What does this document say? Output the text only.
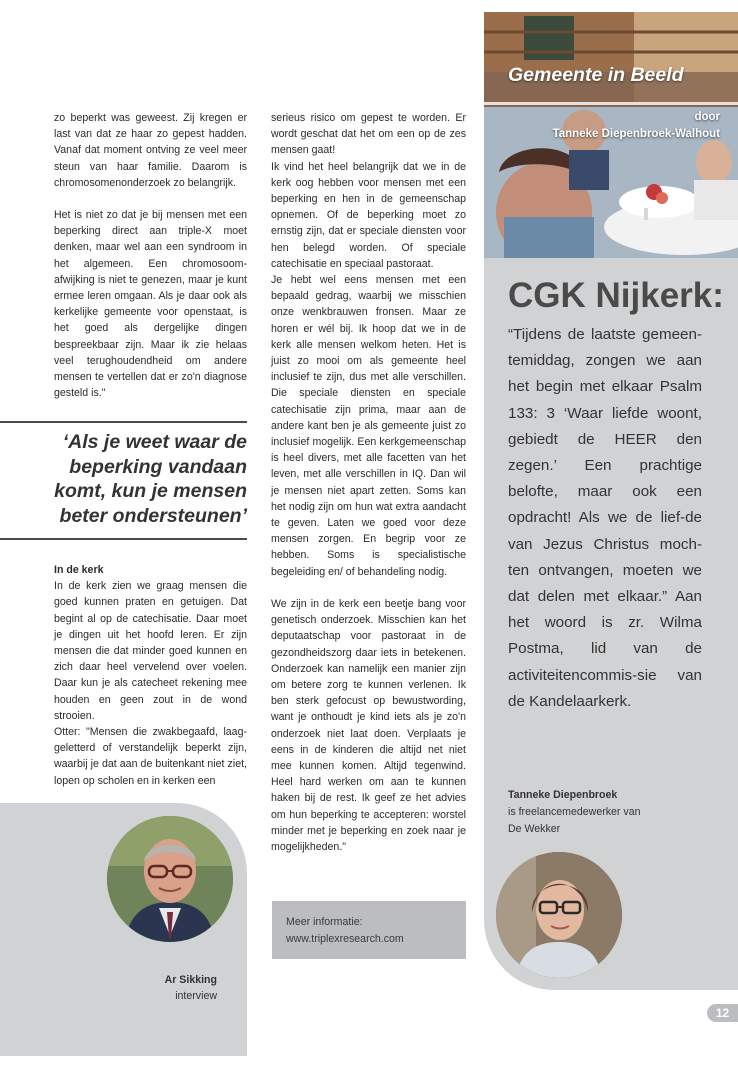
zo beperkt was geweest. Zij kregen er last van dat ze haar zo gepest hadden. Vanaf dat moment ontving ze veel meer steun van haar familie. Daarom is chromosomenonderzoek zo belangrijk.

Het is niet zo dat je bij mensen met een beperking direct aan triple-X moet denken, maar wel aan een syndroom in het algemeen. Een chromosoom-afwijking is niet te genezen, maar je kunt ermee leren omgaan. Als je daar ook als kerkelijke gemeente voor openstaat, is het goed als dergelijke dingen bespreekbaar zijn. Maar ik zie helaas veel terughoudendheid om andere mensen te vertellen dat er zo'n diagnose gesteld is."

‘Als je weet waar de
beperking vandaan
komt, kun je mensen
beter ondersteunen’

In de kerk

In de kerk zien we graag mensen die goed kunnen praten en getuigen. Dat begint al op de catechisatie. Daar moet je dingen uit het hoofd leren. Er zijn mensen die dat minder goed kunnen en zich daar heel vervelend over voelen. Daar kun je als catecheet rekening mee houden en geen zout in de wond strooien.

Otter: "Mensen die zwakbegaafd, laag-geletterd of verstandelijk beperkt zijn, waarbij je dat aan de buitenkant niet ziet, lopen op scholen en in kerken een

Ar Sikking
interview

serieus risico om gepest te worden. Er wordt geschat dat het om een op de zes mensen gaat!

Ik vind het heel belangrijk dat we in de kerk oog hebben voor mensen met een beperking en hen in de gemeenschap opnemen. Of de beperking moet zo ernstig zijn, dat er speciale diensten voor hen belegd worden. Of speciale catechisatie en speciaal pastoraat.

Je hebt wel eens mensen met een bepaald gedrag, waarbij we misschien onze wenkbrauwen fronsen. Maar ze horen er wél bij. Ik hoop dat we in de kerk alle mensen welkom heten. Het is juist zo mooi om als gemeente heel inclusief te zijn, dus met alle verschillen. Die speciale diensten en speciale catechisatie zijn prima, maar aan de andere kant ben je als gemeente juist zo inclusief mogelijk. Een kerkgemeenschap is heel divers, met alle facetten van het leven, met alle verschillen in IQ. Dan wil je mensen niet apart zetten. Soms kan het nodig zijn om hun wat extra aandacht te geven. Laten we goed voor deze mensen zorgen. En begrip voor ze hebben. Soms is specialistische begeleiding en/ of behandeling nodig.

We zijn in de kerk een beetje bang voor genetisch onderzoek. Misschien kan het deputaatschap voor pastoraat in de gezondheidszorg daar iets in betekenen. Onderzoek kan namelijk een manier zijn om betere zorg te kunnen verlenen. Ik ben sterk gefocust op bewustwording, want je onthoudt je kind iets als je zo'n onderzoek niet laat doen. Verplaats je eens in de kinderen die altijd net niet mee kunnen komen. Altijd tegenwind. Heel hard werken om aan te kunnen haken bij de rest. Ik geef ze het advies om hun beperking te accepteren: worstel minder met je beperking en zoek naar je mogelijkheden."

Meer informatie:
www.triplexresearch.com
Gemeente in Beeld
door
Tanneke Diepenbroek-Walhout
CGK Nijkerk:
“Tijdens de laatste gemeen-temiddag, zongen we aan het begin met elkaar Psalm 133: 3 ‘Waar liefde woont, gebiedt de HEER den zegen.’ Een prachtige belofte, maar ook een opdracht! Als we de lief-de van Jezus Christus moch-ten ontvangen, moeten we dat delen met elkaar.” Aan het woord is zr. Wilma Postma, lid van de activiteitencommis-sie van de Kandelaarkerk.
Tanneke Diepenbroek
is freelancemedewerker van
De Wekker
12
